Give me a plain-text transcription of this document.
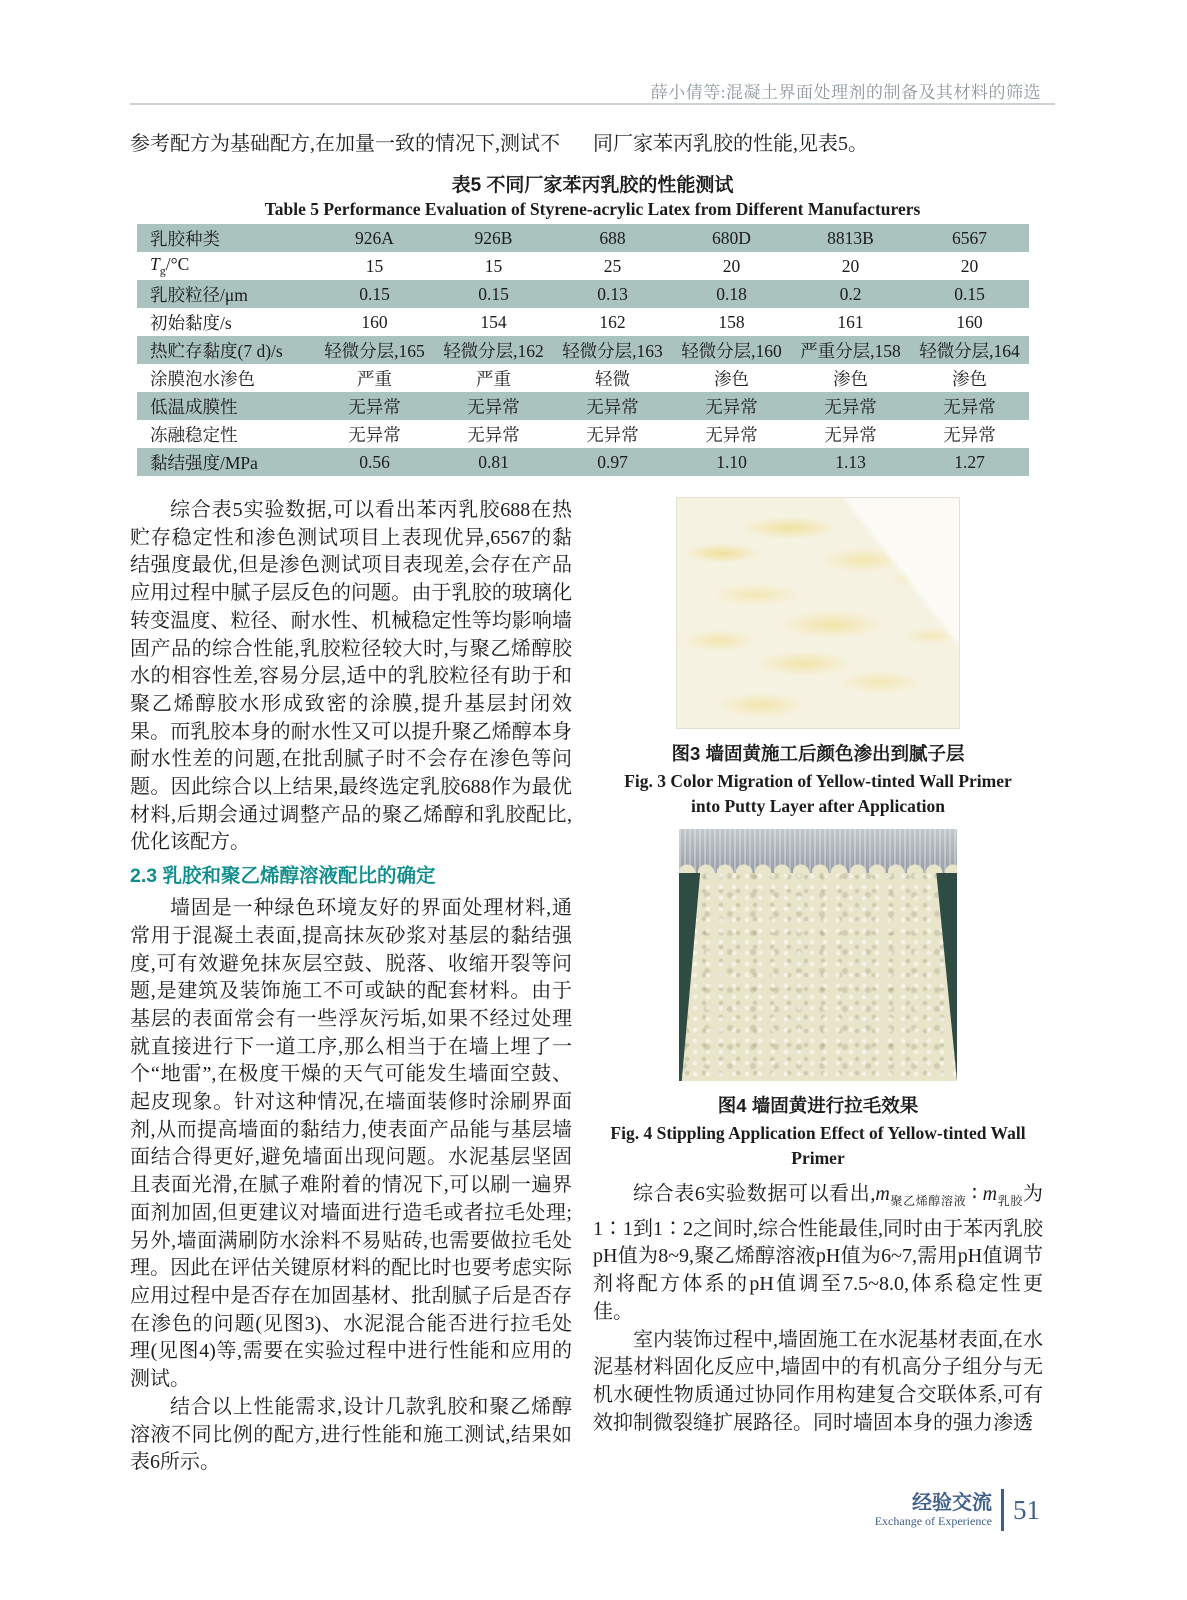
薛小倩等:混凝土界面处理剂的制备及其材料的筛选
参考配方为基础配方,在加量一致的情况下,测试不	同厂家苯丙乳胶的性能,见表5。
表5 不同厂家苯丙乳胶的性能测试
Table 5 Performance Evaluation of Styrene-acrylic Latex from Different Manufacturers
乳胶种类	926A	926B	688	680D	8813B	6567
$T_g/^\circ C$	15	15	25	20	20	20
乳胶粒径/μm	0.15	0.15	0.13	0.18	0.2	0.15
初始黏度/s	160	154	162	158	161	160
热贮存黏度(7 d)/s	轻微分层,165	轻微分层,162	轻微分层,163	轻微分层,160	严重分层,158	轻微分层,164
涂膜泡水渗色	严重	严重	轻微	渗色	渗色	渗色
低温成膜性	无异常	无异常	无异常	无异常	无异常	无异常
冻融稳定性	无异常	无异常	无异常	无异常	无异常	无异常
黏结强度/MPa	0.56	0.81	0.97	1.10	1.13	1.27

综合表5实验数据,可以看出苯丙乳胶688在热贮存稳定性和渗色测试项目上表现优异,6567的黏结强度最优,但是渗色测试项目表现差,会存在产品应用过程中腻子层反色的问题。由于乳胶的玻璃化转变温度、粒径、耐水性、机械稳定性等均影响墙固产品的综合性能,乳胶粒径较大时,与聚乙烯醇胶水的相容性差,容易分层,适中的乳胶粒径有助于和聚乙烯醇胶水形成致密的涂膜,提升基层封闭效果。而乳胶本身的耐水性又可以提升聚乙烯醇本身耐水性差的问题,在批刮腻子时不会存在渗色等问题。因此综合以上结果,最终选定乳胶688作为最优材料,后期会通过调整产品的聚乙烯醇和乳胶配比,优化该配方。

2.3 乳胶和聚乙烯醇溶液配比的确定

墙固是一种绿色环境友好的界面处理材料,通常用于混凝土表面,提高抹灰砂浆对基层的黏结强度,可有效避免抹灰层空鼓、脱落、收缩开裂等问题,是建筑及装饰施工不可或缺的配套材料。由于基层的表面常会有一些浮灰污垢,如果不经过处理就直接进行下一道工序,那么相当于在墙上埋了一个“地雷”,在极度干燥的天气可能发生墙面空鼓、起皮现象。针对这种情况,在墙面装修时涂刷界面剂,从而提高墙面的黏结力,使表面产品能与基层墙面结合得更好,避免墙面出现问题。水泥基层坚固且表面光滑,在腻子难附着的情况下,可以刷一遍界面剂加固,但更建议对墙面进行造毛或者拉毛处理;另外,墙面满刷防水涂料不易贴砖,也需要做拉毛处理。因此在评估关键原材料的配比时也要考虑实际应用过程中是否存在加固基材、批刮腻子后是否存在渗色的问题(见图3)、水泥混合能否进行拉毛处理(见图4)等,需要在实验过程中进行性能和应用的测试。

结合以上性能需求,设计几款乳胶和聚乙烯醇溶液不同比例的配方,进行性能和施工测试,结果如表6所示。

图3 墙固黄施工后颜色渗出到腻子层

Fig. 3 Color Migration of Yellow-tinted Wall Primer into Putty Layer after Application

图4 墙固黄进行拉毛效果

Fig. 4 Stippling Application Effect of Yellow-tinted Wall Primer

综合表6实验数据可以看出$,m_{聚乙烯醇溶液}$ ∶ $m_{乳胶}$为1∶1到1∶2之间时,综合性能最佳,同时由于苯丙乳胶pH值为8~9,聚乙烯醇溶液pH值为6~7,需用pH值调节剂将配方体系的pH值调至7.5~8.0,体系稳定性更佳。

室内装饰过程中,墙固施工在水泥基材表面,在水泥基材料固化反应中,墙固中的有机高分子组分与无机水硬性物质通过协同作用构建复合交联体系,可有效抑制微裂缝扩展路径。同时墙固本身的强力渗透

经验交流
Exchange of Experience 51
